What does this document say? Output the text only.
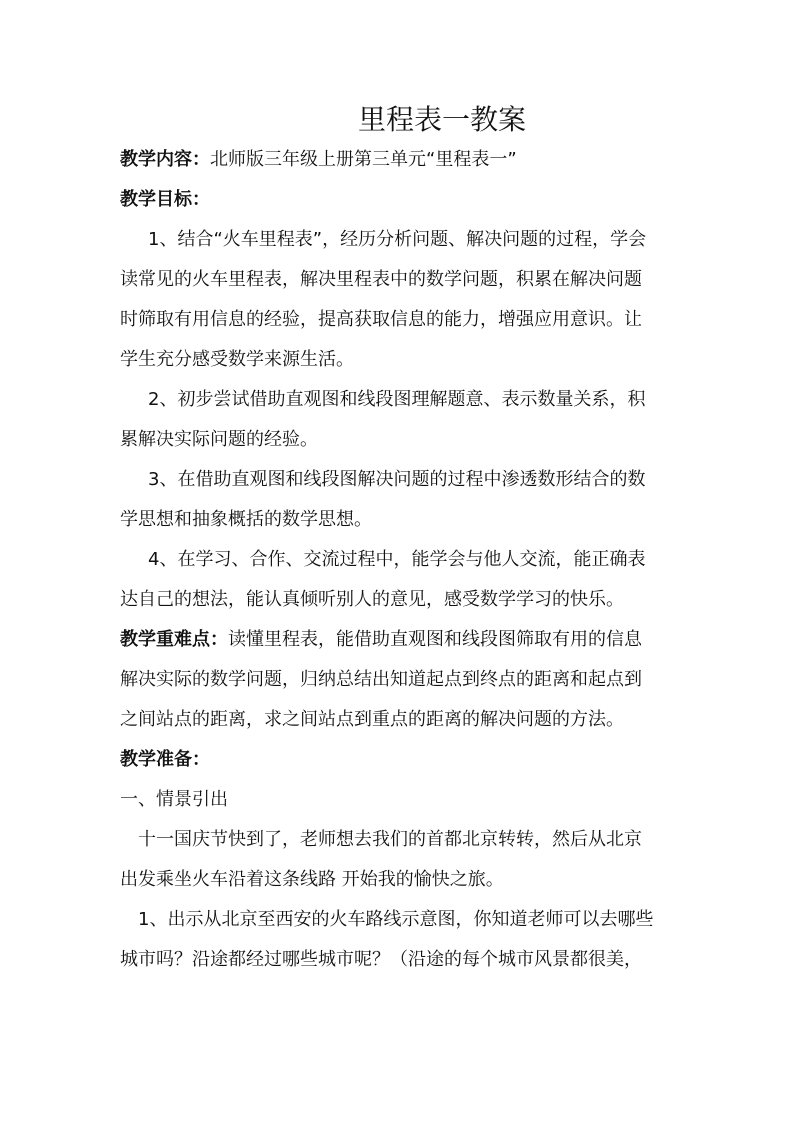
里程表一教案
教学内容：北师版三年级上册第三单元“里程表一”
教学目标：
1、结合“火车里程表”，经历分析问题、解决问题的过程，学会
读常见的火车里程表，解决里程表中的数学问题，积累在解决问题
时筛取有用信息的经验，提高获取信息的能力，增强应用意识。让
学生充分感受数学来源生活。
2、初步尝试借助直观图和线段图理解题意、表示数量关系，积
累解决实际问题的经验。
3、在借助直观图和线段图解决问题的过程中渗透数形结合的数
学思想和抽象概括的数学思想。
4、在学习、合作、交流过程中，能学会与他人交流，能正确表
达自己的想法，能认真倾听别人的意见，感受数学学习的快乐。
教学重难点：读懂里程表，能借助直观图和线段图筛取有用的信息
解决实际的数学问题，归纳总结出知道起点到终点的距离和起点到
之间站点的距离，求之间站点到重点的距离的解决问题的方法。
教学准备：
一、情景引出
十一国庆节快到了，老师想去我们的首都北京转转，然后从北京
出发乘坐火车沿着这条线路 开始我的愉快之旅。
1、出示从北京至西安的火车路线示意图，你知道老师可以去哪些
城市吗？沿途都经过哪些城市呢？（沿途的每个城市风景都很美，
